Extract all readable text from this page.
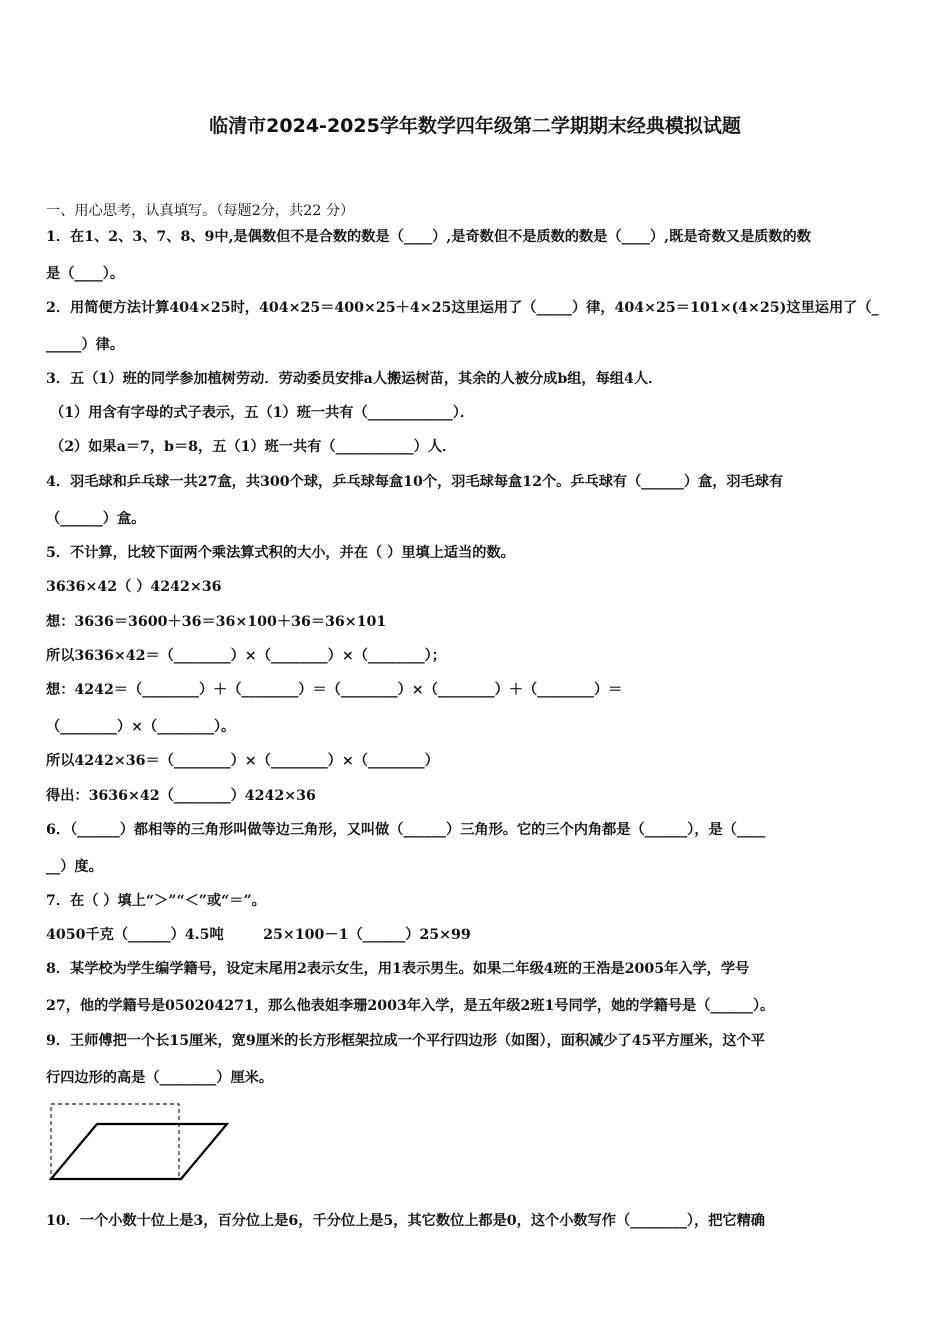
临清市2024-2025学年数学四年级第二学期期末经典模拟试题
一、用心思考，认真填写。（每题2分，共22 分）
1．在1、2、3、7、8、9中,是偶数但不是合数的数是（____）,是奇数但不是质数的数是（____）,既是奇数又是质数的数
是（____）。
2．用简便方法计算404×25时，404×25＝400×25＋4×25这里运用了（_____）律，404×25＝101×(4×25)这里运用了（_
_____）律。
3．五（1）班的同学参加植树劳动．劳动委员安排a人搬运树苗，其余的人被分成b组，每组4人．
（1）用含有字母的式子表示，五（1）班一共有（____________）．
（2）如果a＝7，b＝8，五（1）班一共有（___________）人．
4．羽毛球和乒乓球一共27盒，共300个球，乒乓球每盒10个，羽毛球每盒12个。乒乓球有（______）盒，羽毛球有
（______）盒。
5．不计算，比较下面两个乘法算式积的大小，并在（ ）里填上适当的数。
3636×42（ ）4242×36
想：3636＝3600＋36＝36×100＋36＝36×101
所以3636×42＝（________）×（________）×（________）；
想：4242＝（________）＋（________）＝（________）×（________）＋（________）＝
（________）×（________）。
所以4242×36＝（________）×（________）×（________）
得出：3636×42（________）4242×36
6．（______）都相等的三角形叫做等边三角形，又叫做（______）三角形。它的三个内角都是（______），是（____
__）度。
7．在（ ）填上“＞”“＜”或“＝”。
4050千克（______）4.5吨        25×100－1（______）25×99
8．某学校为学生编学籍号，设定末尾用2表示女生，用1表示男生。如果二年级4班的王浩是2005年入学，学号
27，他的学籍号是050204271，那么他表姐李珊2003年入学，是五年级2班1号同学，她的学籍号是（______）。
9．王师傅把一个长15厘米，宽9厘米的长方形框架拉成一个平行四边形（如图），面积减少了45平方厘米，这个平
行四边形的高是（________）厘米。
10．一个小数十位上是3，百分位上是6，千分位上是5，其它数位上都是0，这个小数写作（________），把它精确
